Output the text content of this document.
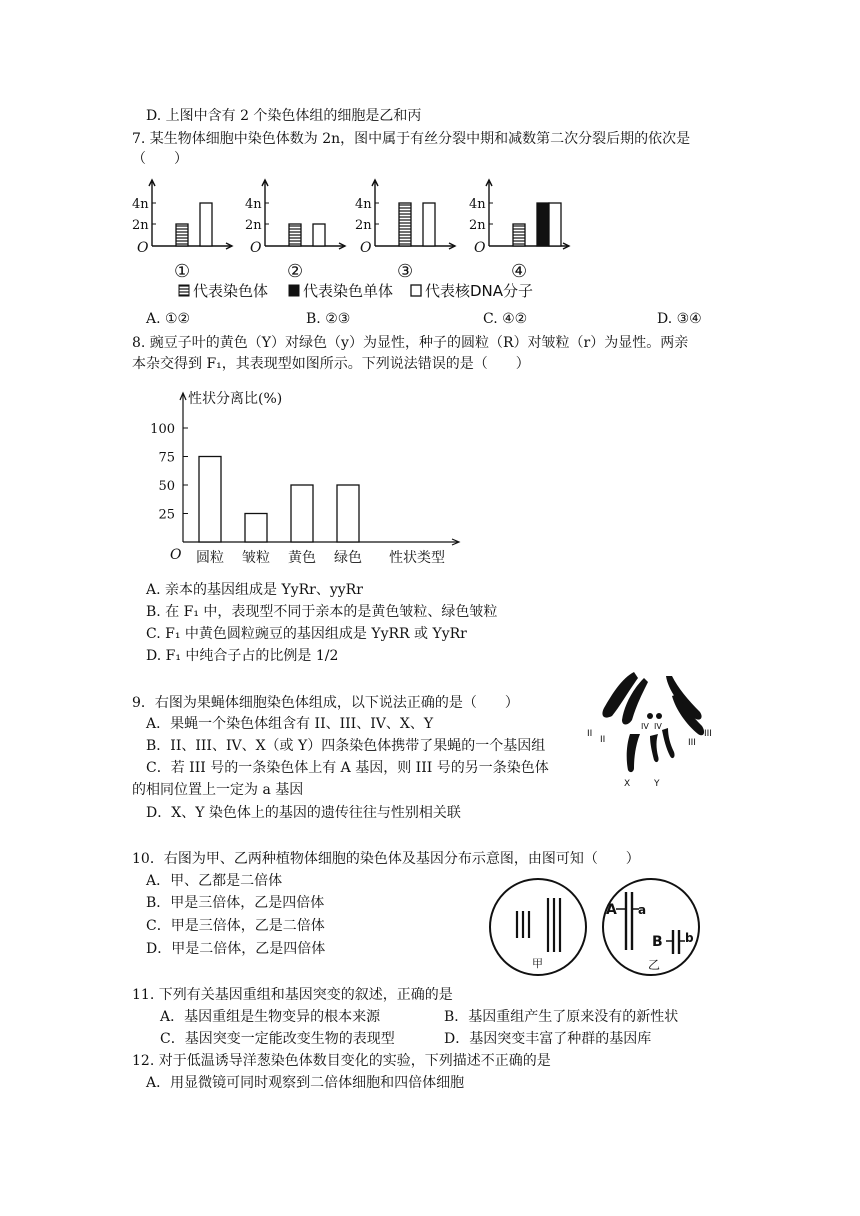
D. 上图中含有 2 个染色体组的细胞是乙和丙
7. 某生物体细胞中染色体数为 2n，图中属于有丝分裂中期和减数第二次分裂后期的依次是
（　　）
4n
2n
O
①
4n
2n
O
②
4n
2n
O
③
4n
2n
O
④
代表染色体 代表染色单体 代表核DNA分子
A. ①②	B. ②③	C. ④②	D. ③④
8. 豌豆子叶的黄色（Y）对绿色（y）为显性，种子的圆粒（R）对皱粒（r）为显性。两亲
本杂交得到 F₁，其表现型如图所示。下列说法错误的是（　　）
性状分离比(%)
25
50
75
100
O 圆粒 皱粒 黄色 绿色 性状类型
A. 亲本的基因组成是 YyRr、yyRr
B. 在 F₁ 中，表现型不同于亲本的是黄色皱粒、绿色皱粒
C. F₁ 中黄色圆粒豌豆的基因组成是 YyRR 或 YyRr
D. F₁ 中纯合子占的比例是 1/2
9．右图为果蝇体细胞染色体组成，以下说法正确的是（　　）
A．果蝇一个染色体组含有 II、III、IV、X、Y
B．II、III、IV、X（或 Y）四条染色体携带了果蝇的一个基因组
C．若 III 号的一条染色体上有 A 基因，则 III 号的另一条染色体
的相同位置上一定为 a 基因
D．X、Y 染色体上的基因的遗传往往与性别相关联
II
II
IV IV
III
III
X	Y
10．右图为甲、乙两种植物体细胞的染色体及基因分布示意图，由图可知（　　）
A．甲、乙都是二倍体
B．甲是三倍体，乙是四倍体
C．甲是三倍体，乙是二倍体
D．甲是二倍体，乙是四倍体
甲
A a
B b
乙
11. 下列有关基因重组和基因突变的叙述，正确的是
A．基因重组是生物变异的根本来源	B．基因重组产生了原来没有的新性状
C．基因突变一定能改变生物的表现型	D．基因突变丰富了种群的基因库
12. 对于低温诱导洋葱染色体数目变化的实验，下列描述不正确的是
A．用显微镜可同时观察到二倍体细胞和四倍体细胞
